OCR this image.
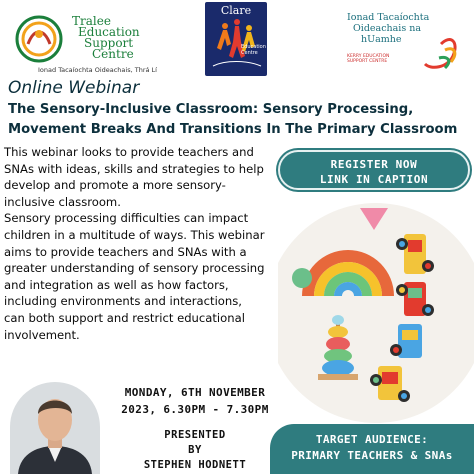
Tralee
Education
Support
Centre
Ionad Tacaíochta Oideachais, Thrá Lí
Clare
Education
Centre
Ionad Tacaíochta
Oideachais na
hUamhe
KERRY EDUCATION
SUPPORT CENTRE
Online Webinar
The Sensory-Inclusive Classroom: Sensory Processing,
Movement Breaks And Transitions In The Primary Classroom

This webinar looks to provide teachers and SNAs with ideas, skills and strategies to help develop and promote a more sensory-inclusive classroom.

Sensory processing difficulties can impact children in a multitude of ways. This webinar aims to provide teachers and SNAs with a greater understanding of sensory processing and integration as well as how factors, including environments and interactions, can both support and restrict educational involvement.

REGISTER NOW
LINK IN CAPTION
MONDAY, 6TH NOVEMBER
2023, 6.30PM - 7.30PM
PRESENTED
BY
STEPHEN HODNETT
TARGET AUDIENCE:
PRIMARY TEACHERS & SNAs
